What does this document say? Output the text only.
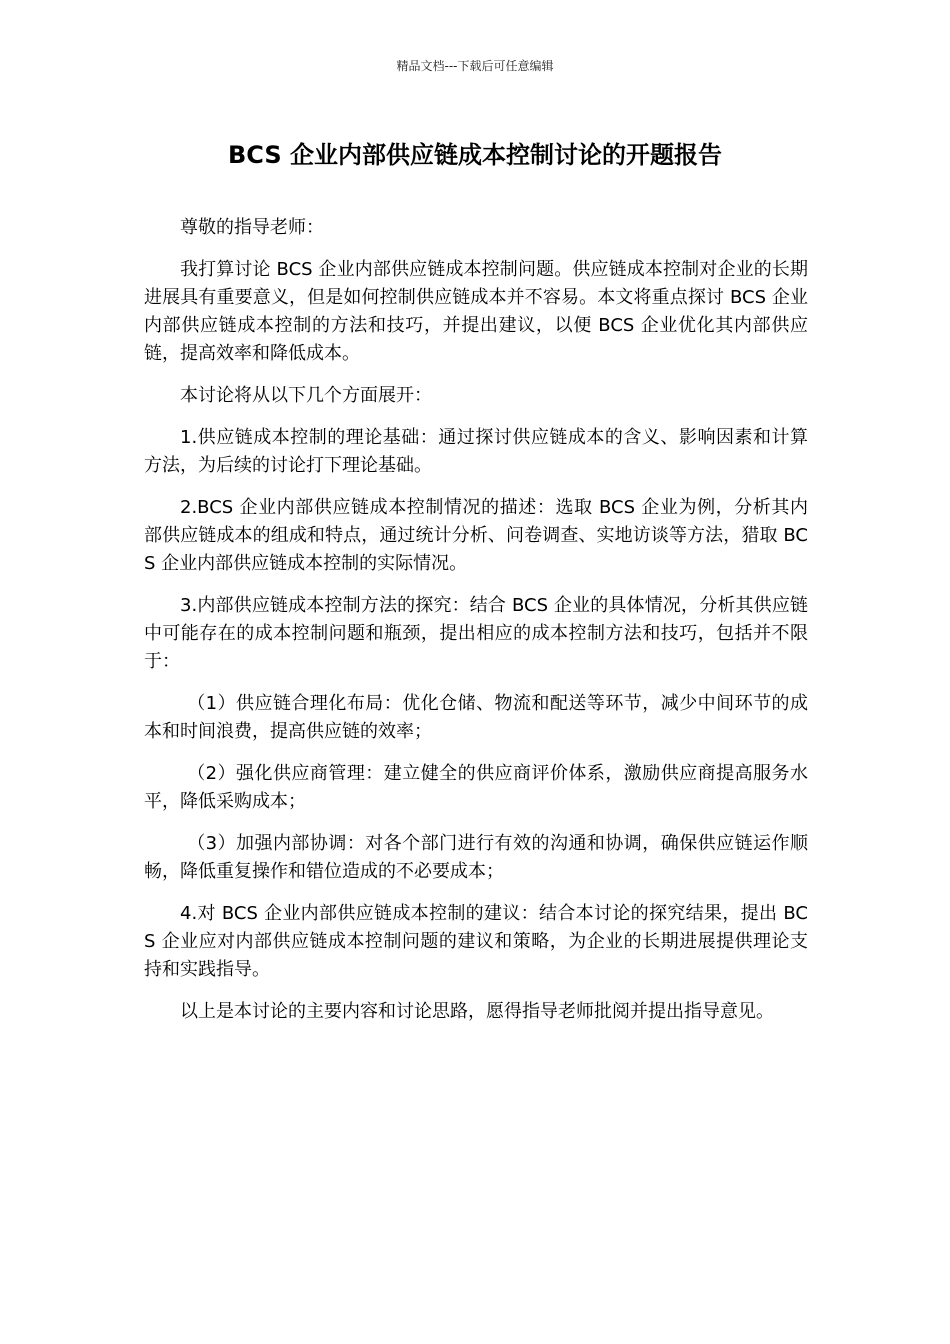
精品文档---下载后可任意编辑
BCS 企业内部供应链成本控制讨论的开题报告

尊敬的指导老师：

我打算讨论 BCS 企业内部供应链成本控制问题。供应链成本控制对企业的长期进展具有重要意义，但是如何控制供应链成本并不容易。本文将重点探讨 BCS 企业内部供应链成本控制的方法和技巧，并提出建议，以便 BCS 企业优化其内部供应链，提高效率和降低成本。

本讨论将从以下几个方面展开：

1.供应链成本控制的理论基础：通过探讨供应链成本的含义、影响因素和计算方法，为后续的讨论打下理论基础。

2.BCS 企业内部供应链成本控制情况的描述：选取 BCS 企业为例，分析其内部供应链成本的组成和特点，通过统计分析、问卷调查、实地访谈等方法，猎取 BCS 企业内部供应链成本控制的实际情况。

3.内部供应链成本控制方法的探究：结合 BCS 企业的具体情况，分析其供应链中可能存在的成本控制问题和瓶颈，提出相应的成本控制方法和技巧，包括并不限于：

（1）供应链合理化布局：优化仓储、物流和配送等环节，减少中间环节的成本和时间浪费，提高供应链的效率；

（2）强化供应商管理：建立健全的供应商评价体系，激励供应商提高服务水平，降低采购成本；

（3）加强内部协调：对各个部门进行有效的沟通和协调，确保供应链运作顺畅，降低重复操作和错位造成的不必要成本；

4.对 BCS 企业内部供应链成本控制的建议：结合本讨论的探究结果，提出 BCS 企业应对内部供应链成本控制问题的建议和策略，为企业的长期进展提供理论支持和实践指导。

以上是本讨论的主要内容和讨论思路，愿得指导老师批阅并提出指导意见。
